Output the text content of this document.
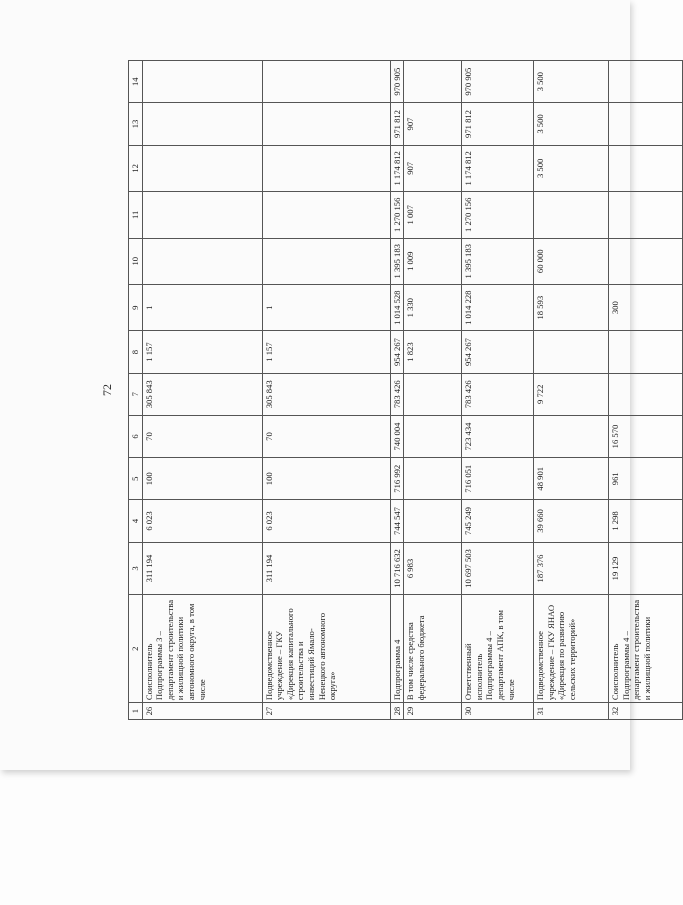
72
1	2	3	4	5	6	7	8	9	10	11	12	13	14
26	Соисполнитель Подпрограммы 3 – департамент строительства и жилищной политики автономного округа, в том числе	311 194	6 023	100	70	305 843	1 157	1					

27	Подведомственное учреждение – ГКУ «Дирекция капитального строительства и инвестиций Ямало-Ненецкого автономного округа»	311 194	6 023	100	70	305 843	1 157	1					

28	Подпрограмма 4	10 716 632	744 547	716 992	740 004	783 426	954 267	1 014 528	1 395 183	1 270 156	1 174 812	971 812	970 905

29	В том числе средства федерального бюджета	6 983					1 823	1 330	1 009	1 007	907	907	

30	Ответственный исполнитель Подпрограммы 4 – департамент АПК, в том числе	10 697 503	745 249	716 051	723 434	783 426	954 267	1 014 228	1 395 183	1 270 156	1 174 812	971 812	970 905

31	Подведомственное учреждение – ГКУ ЯНАО «Дирекция по развитию сельских территорий»	187 376	39 660	48 901		9 722		18 593	60 000		3 500	3 500	3 500

32	Соисполнитель Подпрограммы 4 – департамент строительства и жилищной политики	19 129	1 298	961	16 570			300					
